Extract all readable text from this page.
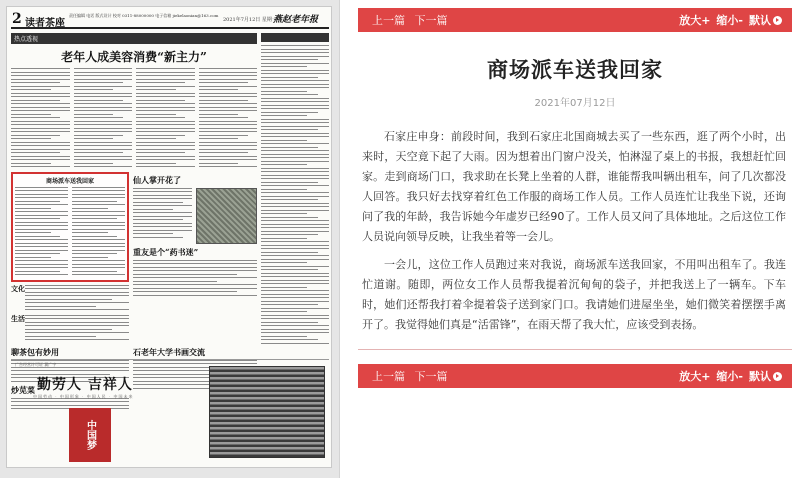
2 读者茶座
责任编辑 电话 版式设计 校对 0311-88000000 电子信箱 jiekelaonian@163.com
2021年7月12日 星期一
燕赵老年报
热点透视
老年人成美容消费“新主力”
商场派车送我回家
文化
生活
仙人掌开花了
重友是个“药书迷”
聊茶包有妙用
炒苋菜
石老年大学书画交流

广告经营许可证 冀广字
勤劳人 吉祥人
中国劳动 · 中国形象 · 中国人民 · 中国未来
中国梦
上一篇 下一篇	放大+ 缩小- 默认
商场派车送我回家
2021年07月12日

石家庄申身：前段时间，我到石家庄北国商城去买了一些东西，逛了两个小时，出来时，天空竟下起了大雨。因为想着出门窗户没关，怕淋湿了桌上的书报，我想赶忙回家。走到商场门口，我求助在长凳上坐着的人群，谁能帮我叫辆出租车，问了几次都没人回答。我只好去找穿着红色工作服的商场工作人员。工作人员连忙让我坐下说，还询问了我的年龄，我告诉她今年虚岁已经90了。工作人员又问了具体地址。之后这位工作人员说向领导反映，让我坐着等一会儿。

一会儿，这位工作人员跑过来对我说，商场派车送我回家，不用叫出租车了。我连忙道谢。随即，两位女工作人员帮我提着沉甸甸的袋子，并把我送上了一辆车。下车时，她们还帮我打着伞提着袋子送到家门口。我请她们进屋坐坐，她们微笑着摆摆手离开了。我觉得她们真是“活雷锋”，在雨天帮了我大忙，应该受到表扬。

上一篇 下一篇	放大+ 缩小- 默认
